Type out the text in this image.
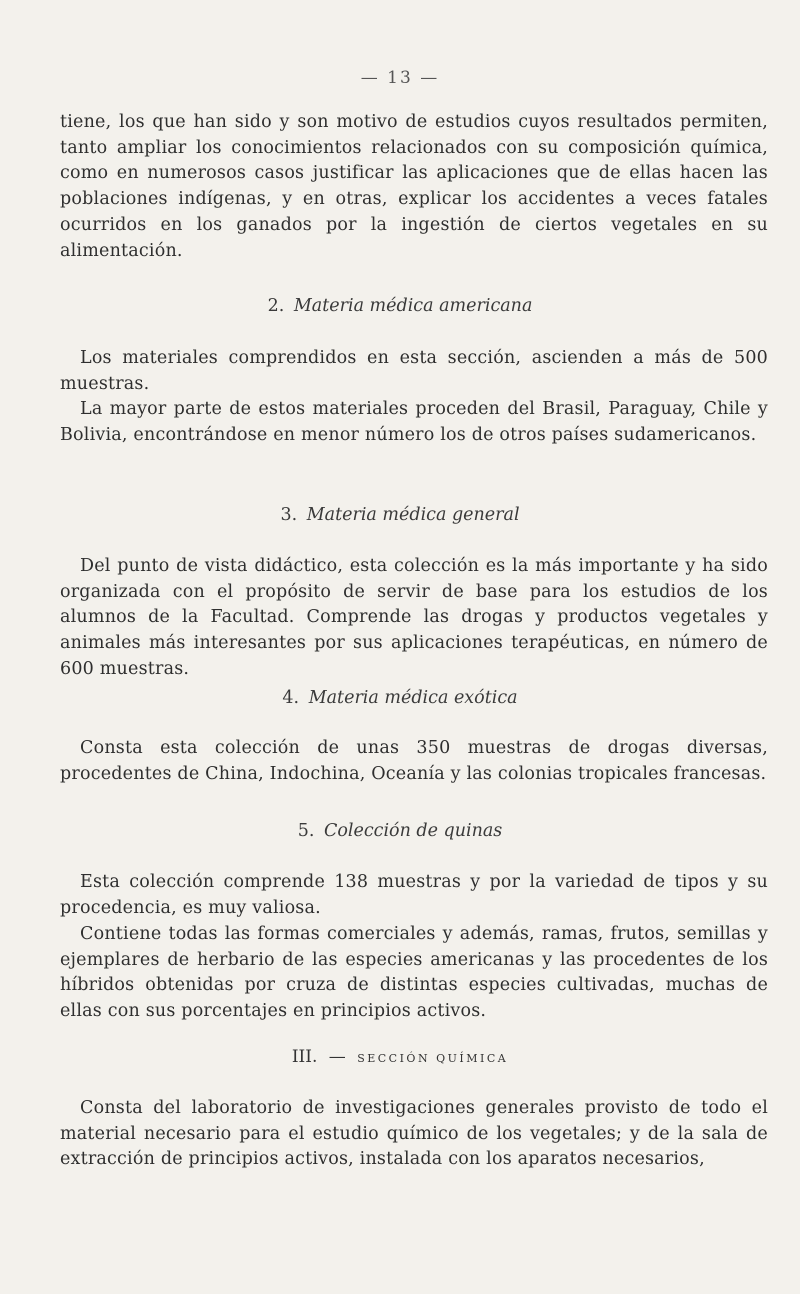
— 13 —

tiene, los que han sido y son motivo de estudios cuyos resultados permiten, tanto ampliar los conocimientos relacionados con su composición química, como en numerosos casos justificar las aplicaciones que de ellas hacen las poblaciones indígenas, y en otras, explicar los accidentes a veces fatales ocurridos en los ganados por la ingestión de ciertos vegetales en su alimentación.

2. Materia médica americana

Los materiales comprendidos en esta sección, ascienden a más de 500 muestras.

La mayor parte de estos materiales proceden del Brasil, Paraguay, Chile y Bolivia, encontrándose en menor número los de otros países sudamericanos.

3. Materia médica general

Del punto de vista didáctico, esta colección es la más importante y ha sido organizada con el propósito de servir de base para los estudios de los alumnos de la Facultad. Comprende las drogas y productos vegetales y animales más interesantes por sus aplicaciones terapéuticas, en número de 600 muestras.

4. Materia médica exótica

Consta esta colección de unas 350 muestras de drogas diversas, procedentes de China, Indochina, Oceanía y las colonias tropicales francesas.

5. Colección de quinas

Esta colección comprende 138 muestras y por la variedad de tipos y su procedencia, es muy valiosa.

Contiene todas las formas comerciales y además, ramas, frutos, semillas y ejemplares de herbario de las especies americanas y las procedentes de los híbridos obtenidas por cruza de distintas especies cultivadas, muchas de ellas con sus porcentajes en principios activos.

III. — SECCIÓN QUÍMICA

Consta del laboratorio de investigaciones generales provisto de todo el material necesario para el estudio químico de los vegetales; y de la sala de extracción de principios activos, instalada con los aparatos necesarios,
